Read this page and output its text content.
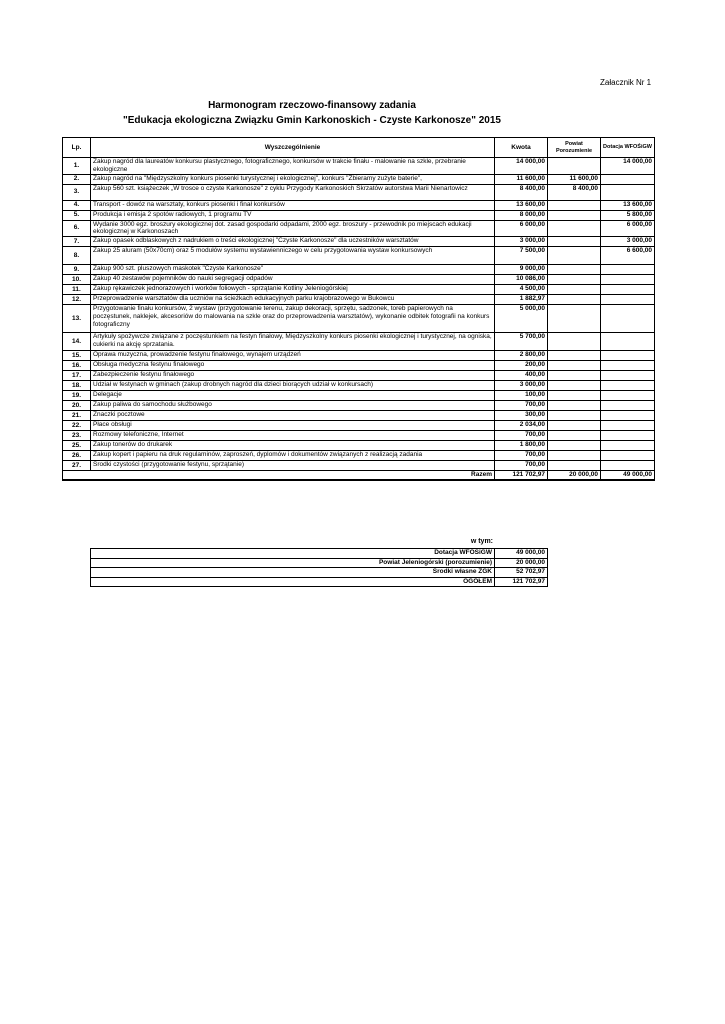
Załacznik Nr 1
Harmonogram rzeczowo-finansowy zadania
"Edukacja ekologiczna Związku Gmin Karkonoskich - Czyste Karkonosze" 2015
Lp.	Wyszczególnienie	Kwota	Powiat Porozumienie	Dotacja WFOŚiGW
1.	Zakup nagród dla laureatów konkursu plastycznego, fotograficznego, konkursów w trakcie finału - malowanie na szkle, przebranie ekologiczne	14 000,00		14 000,00
2.	Zakup nagród na "Międzyszkolny konkurs piosenki turystycznej i ekologicznej", konkurs "Zbieramy zużyte baterie",	11 600,00	11 600,00	
3.	Zakup 560 szt. książeczek „W trosce o czyste Karkonosze" z cyklu Przygody Karkonoskich Skrzatów autorstwa Marii Nienartowicz	8 400,00	8 400,00	
4.	Transport - dowóz na warsztaty, konkurs piosenki i finał konkursów	13 600,00		13 600,00
5.	Produkcja i emisja 2 spotów radiowych, 1 programu TV	8 000,00		5 800,00
6.	Wydanie 3000 egz. broszury ekologicznej dot. zasad gospodarki odpadami, 2000 egz. broszury - przewodnik po miejscach edukacji ekologicznej w Karkonoszach	6 000,00		6 000,00
7.	Zakup opasek odblaskowych z nadrukiem o treści ekologicznej "Czyste Karkonosze" dla uczestników warsztatów	3 000,00		3 000,00
8.	Zakup 25 aluram (50x70cm) oraz 5 modułów systemu wystawienniczego w celu przygotowania wystaw konkursowych	7 500,00		6 600,00
9.	Zakup 900 szt. pluszowych maskotek "Czyste Karkonosze"	9 000,00		
10.	Zakup 40 zestawów pojemników do nauki segregacji odpadów	10 086,00		
11.	Zakup rękawiczek jednorazowych i worków foliowych - sprzątanie Kotliny Jeleniogórskiej	4 500,00		
12.	Przeprowadzenie warsztatów dla uczniów na ścieżkach edukacyjnych parku krajobrazowego w Bukowcu	1 882,97		
13.	Przygotowanie finału konkursów, 2 wystaw (przygotowanie terenu, zakup dekoracji, sprzętu, sadzonek, toreb papierowych na poczęstunek, naklejek, akcesoriów do malowania na szkle oraz do przeprowadzenia warsztatów), wykonanie odbitek fotografii na konkurs fotograficzny	5 000,00		
14.	Artykuły spożywcze związane z poczęstunkiem na festyn finałowy, Międzyszkolny konkurs piosenki ekologicznej i turystycznej, na ogniska, cukierki na akcję sprzatania.	5 700,00		
15.	Oprawa muzyczna, prowadzenie festynu finałowego, wynajem urządzeń	2 800,00		
16.	Obsługa medyczna festynu finałowego	200,00		
17.	Zabezpieczenie festynu finałowego	400,00		
18.	Udział w festynach w gminach (zakup drobnych nagród dla dzieci biorących udział w konkursach)	3 000,00		
19.	Delegacje	100,00		
20.	Zakup paliwa do samochodu służbowego	700,00		
21.	Znaczki pocztowe	300,00		
22.	Płace obsługi	2 034,00		
23.	Rozmowy telefoniczne, Internet	700,00		
25.	Zakup tonerów do drukarek	1 800,00		
26.	Zakup kopert i papieru na druk regulaminów, zaproszeń, dyplomów i dokumentów związanych z realizacją zadania	700,00		
27.	Środki czystości (przygotowanie festynu, sprzątanie)	700,00		
Razem		121 702,97	20 000,00	49 000,00
w tym:
Dotacja WFOŚiGW	49 000,00
Powiat Jeleniogórski (porozumienie)	20 000,00
Środki własne ZGK	52 702,97
OGÓŁEM	121 702,97
